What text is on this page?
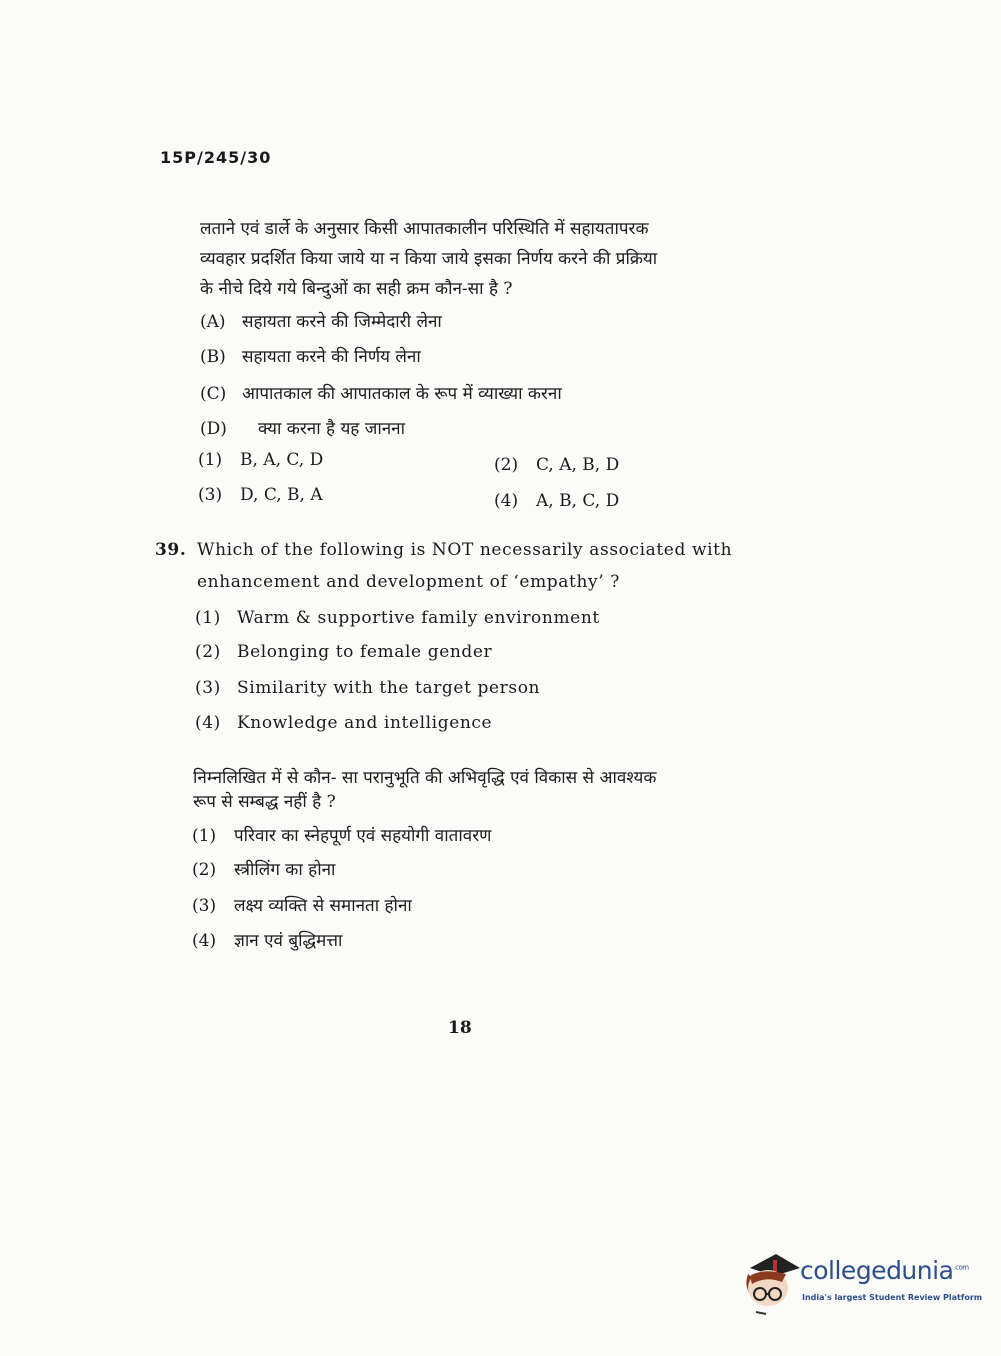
15P/245/30
लताने एवं डार्ले के अनुसार किसी आपातकालीन परिस्थिति में सहायतापरक
व्यवहार प्रदर्शित किया जाये या न किया जाये इसका निर्णय करने की प्रक्रिया
के नीचे दिये गये बिन्दुओं का सही क्रम कौन-सा है ?
(A) सहायता करने की जिम्मेदारी लेना
(B) सहायता करने की निर्णय लेना
(C) आपातकाल की आपातकाल के रूप में व्याख्या करना
(D) क्या करना है यह जानना
(1) B, A, C, D	(2) C, A, B, D
(3) D, C, B, A	(4) A, B, C, D
39. Which of the following is NOT necessarily associated with
enhancement and development of ‘empathy’ ?
(1) Warm & supportive family environment
(2) Belonging to female gender
(3) Similarity with the target person
(4) Knowledge and intelligence
निम्नलिखित में से कौन- सा परानुभूति की अभिवृद्धि एवं विकास से आवश्यक
रूप से सम्बद्ध नहीं है ?
(1) परिवार का स्नेहपूर्ण एवं सहयोगी वातावरण
(2) स्त्रीलिंग का होना
(3) लक्ष्य व्यक्ति से समानता होना
(4) ज्ञान एवं बुद्धिमत्ता
18
collegedunia$^{.com}$
India's largest Student Review Platform
